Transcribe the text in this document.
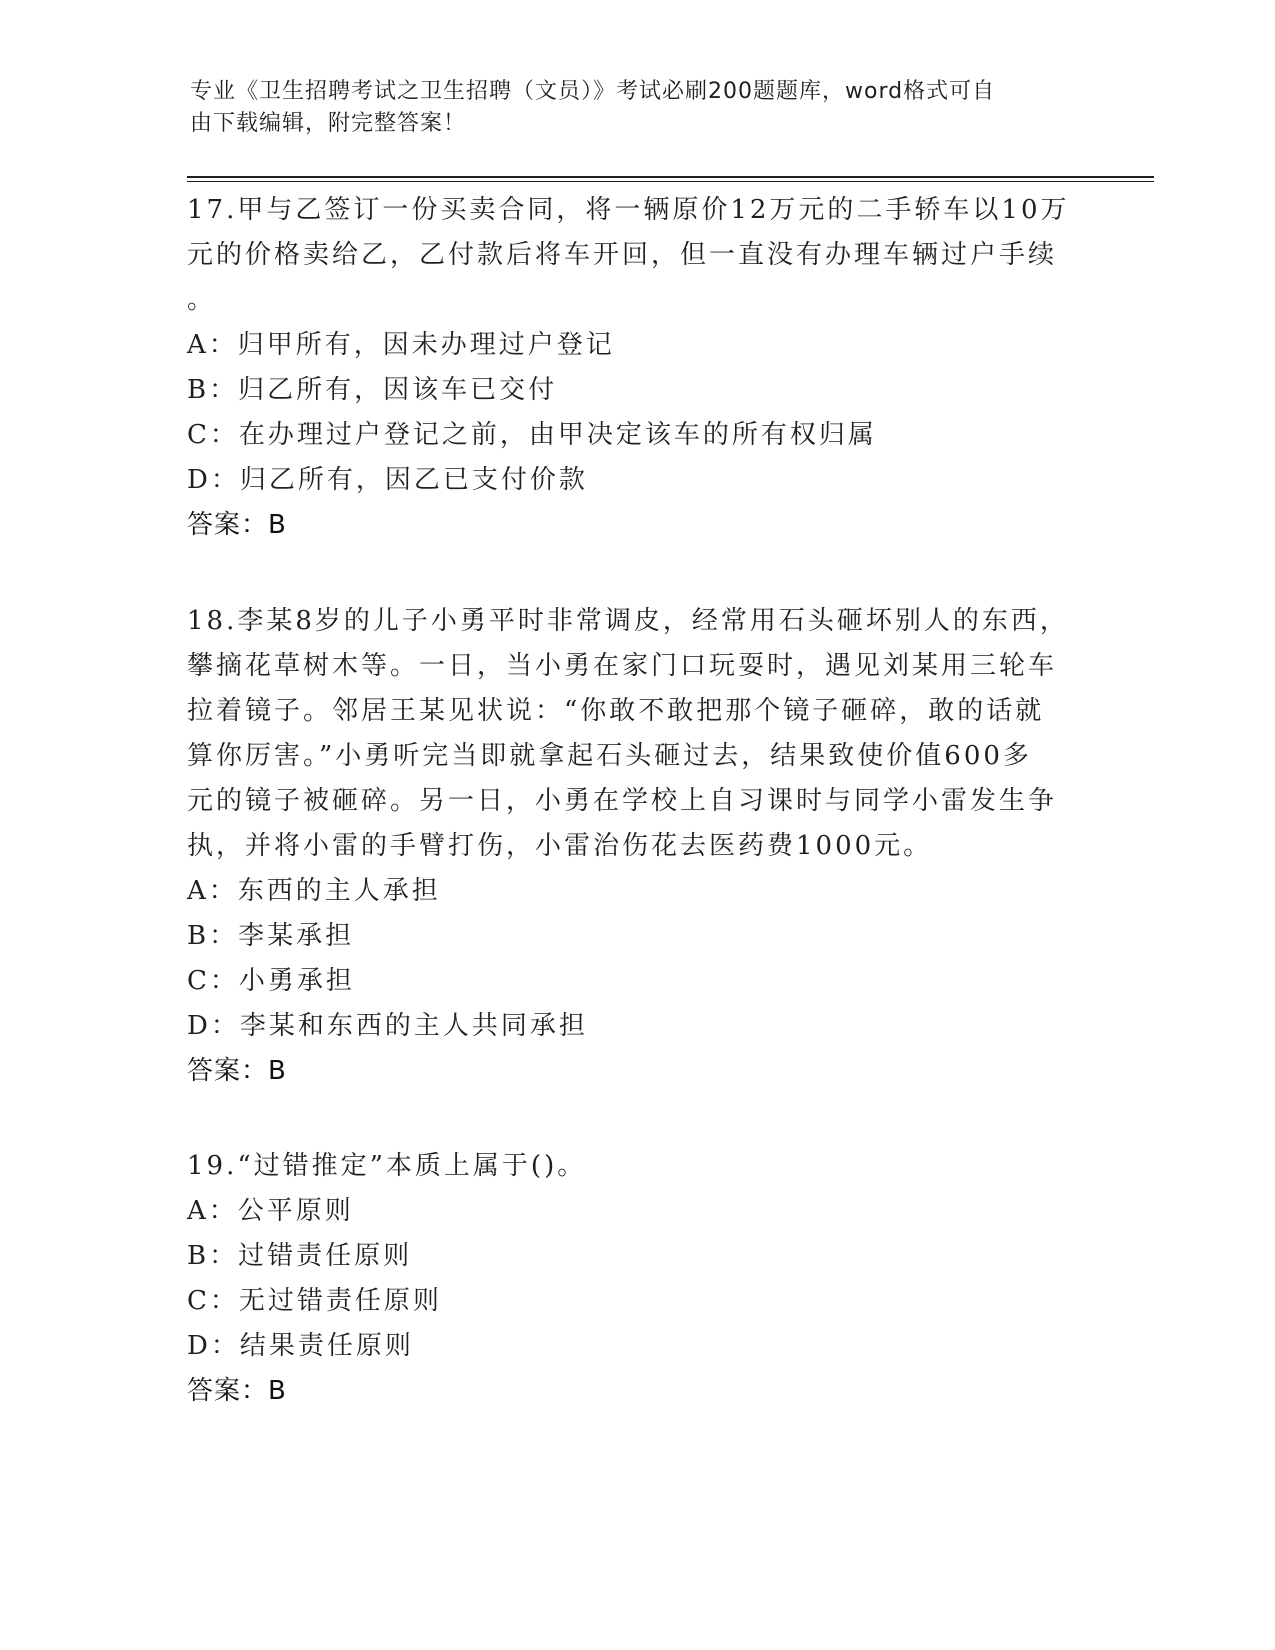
专业《卫生招聘考试之卫生招聘（文员）》考试必刷200题题库，word格式可自
由下载编辑，附完整答案！

17.甲与乙签订一份买卖合同，将一辆原价12万元的二手轿车以10万
元的价格卖给乙，乙付款后将车开回，但一直没有办理车辆过户手续
。

A：归甲所有，因未办理过户登记

B：归乙所有，因该车已交付

C：在办理过户登记之前，由甲决定该车的所有权归属

D：归乙所有，因乙已支付价款

答案：B

18.李某8岁的儿子小勇平时非常调皮，经常用石头砸坏别人的东西，
攀摘花草树木等。一日，当小勇在家门口玩耍时，遇见刘某用三轮车
拉着镜子。邻居王某见状说：“你敢不敢把那个镜子砸碎，敢的话就
算你厉害。”小勇听完当即就拿起石头砸过去，结果致使价值600多
元的镜子被砸碎。另一日，小勇在学校上自习课时与同学小雷发生争
执，并将小雷的手臂打伤，小雷治伤花去医药费1000元。

A：东西的主人承担

B：李某承担

C：小勇承担

D：李某和东西的主人共同承担

答案：B

19.“过错推定”本质上属于()。

A：公平原则

B：过错责任原则

C：无过错责任原则

D：结果责任原则

答案：B
